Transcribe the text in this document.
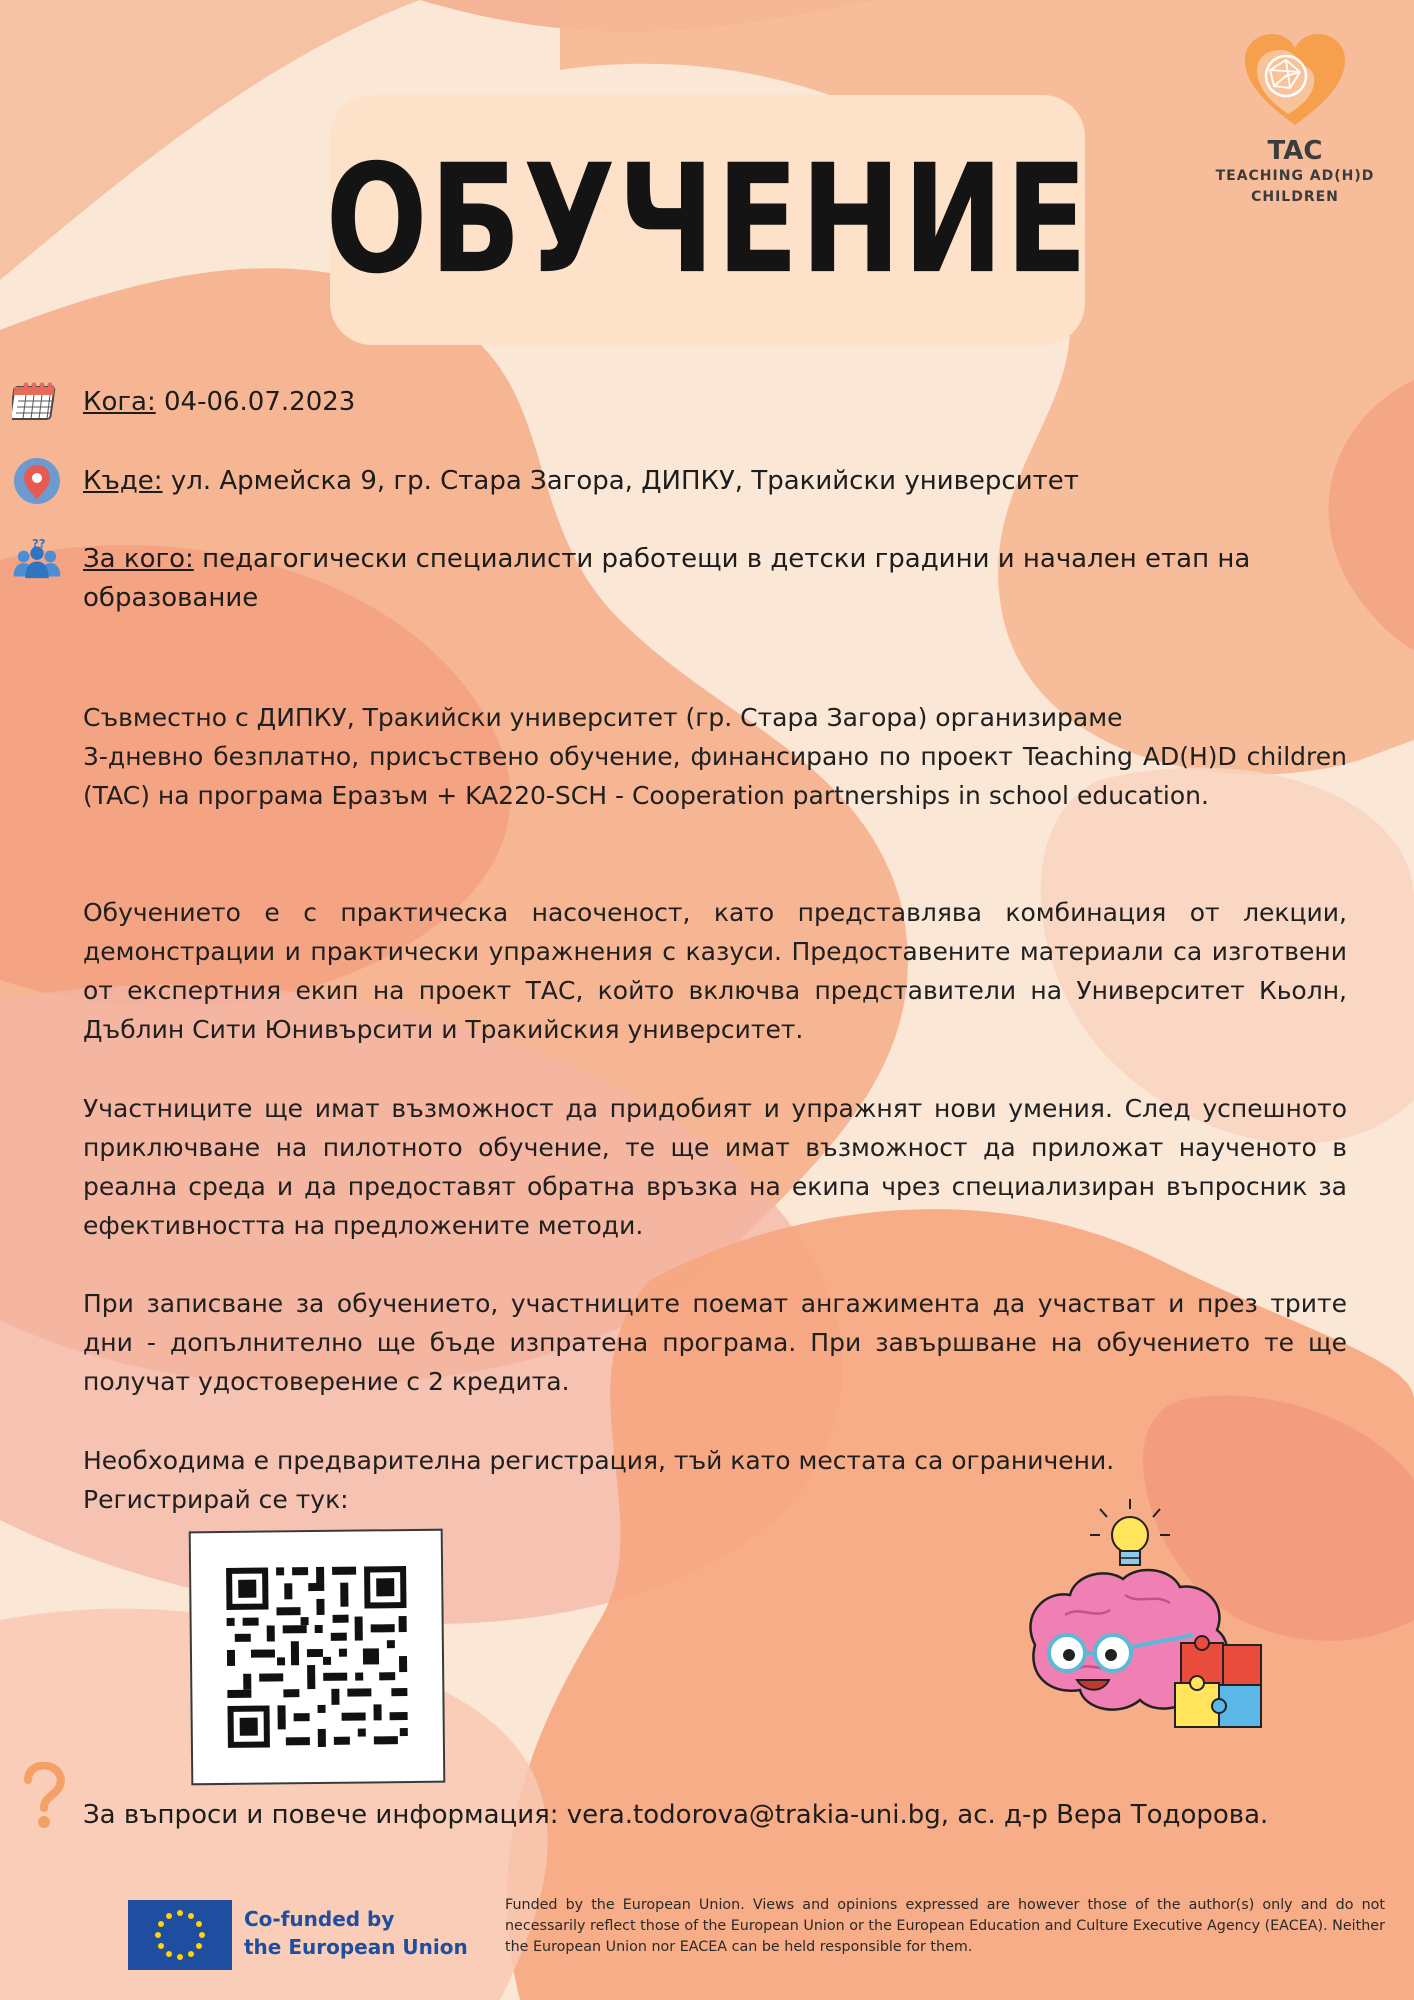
ОБУЧЕНИЕ	TAC
TEACHING AD(H)D
CHILDREN
Кога: 04-06.07.2023
Къде: ул. Армейска 9, гр. Стара Загора, ДИПКУ, Тракийски университет
??
За кого: педагогически специалисти работещи в детски градини и начален етап на образование
Съвместно с ДИПКУ, Тракийски университет (гр. Стара Загора) организираме
3-дневно безплатно, присъствено обучение, финансирано по проект Teaching AD(H)D children (TAC) на програма Еразъм + KA220-SCH - Cooperation partnerships in school education.
Обучението е с практическа насоченост, като представлява комбинация от лекции, демонстрации и практически упражнения с казуси. Предоставените материали са изготвени от експертния екип на проект ТАС, който включва представители на Университет Кьолн, Дъблин Сити Юнивърсити и Тракийския университет.
Участниците ще имат възможност да придобият и упражнят нови умения. След успешното приключване на пилотното обучение, те ще имат възможност да приложат наученото в реална среда и да предоставят обратна връзка на екипа чрез специализиран въпросник за ефективността на предложените методи.
При записване за обучението, участниците поемат ангажимента да участват и през трите дни - допълнително ще бъде изпратена програма. При завършване на обучението те ще получат удостоверение с 2 кредита.
Необходима е предварителна регистрация, тъй като местата са ограничени.
Регистрирай се тук:
За въпроси и повече информация: vera.todorova@trakia-uni.bg, ас. д-р Вера Тодорова.
Co-funded by
the European Union
Funded by the European Union. Views and opinions expressed are however those of the author(s) only and do not necessarily reflect those of the European Union or the European Education and Culture Executive Agency (EACEA). Neither the European Union nor EACEA can be held responsible for them.
